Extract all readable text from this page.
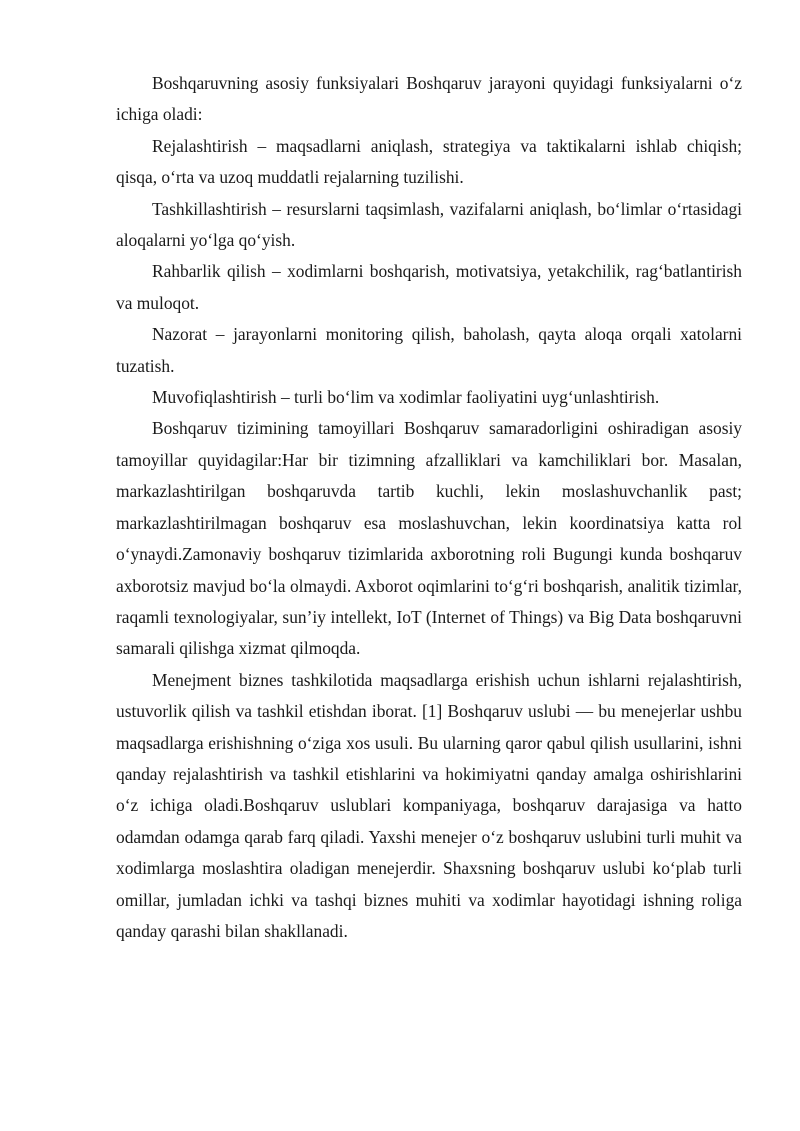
Boshqaruvning asosiy funksiyalari Boshqaruv jarayoni quyidagi funksiyalarni o‘z ichiga oladi:

Rejalashtirish – maqsadlarni aniqlash, strategiya va taktikalarni ishlab chiqish; qisqa, o‘rta va uzoq muddatli rejalarning tuzilishi.

Tashkillashtirish – resurslarni taqsimlash, vazifalarni aniqlash, bo‘limlar o‘rtasidagi aloqalarni yo‘lga qo‘yish.

Rahbarlik qilish – xodimlarni boshqarish, motivatsiya, yetakchilik, rag‘batlantirish va muloqot.

Nazorat – jarayonlarni monitoring qilish, baholash, qayta aloqa orqali xatolarni tuzatish.

Muvofiqlashtirish – turli bo‘lim va xodimlar faoliyatini uyg‘unlashtirish.

Boshqaruv tizimining tamoyillari Boshqaruv samaradorligini oshiradigan asosiy tamoyillar quyidagilar:Har bir tizimning afzalliklari va kamchiliklari bor. Masalan, markazlashtirilgan boshqaruvda tartib kuchli, lekin moslashuvchanlik past; markazlashtirilmagan boshqaruv esa moslashuvchan, lekin koordinatsiya katta rol o‘ynaydi.Zamonaviy boshqaruv tizimlarida axborotning roli Bugungi kunda boshqaruv axborotsiz mavjud bo‘la olmaydi. Axborot oqimlarini to‘g‘ri boshqarish, analitik tizimlar, raqamli texnologiyalar, sun’iy intellekt, IoT (Internet of Things) va Big Data boshqaruvni samarali qilishga xizmat qilmoqda.

Menejment biznes tashkilotida maqsadlarga erishish uchun ishlarni rejalashtirish, ustuvorlik qilish va tashkil etishdan iborat. [1] Boshqaruv uslubi — bu menejerlar ushbu maqsadlarga erishishning o‘ziga xos usuli. Bu ularning qaror qabul qilish usullarini, ishni qanday rejalashtirish va tashkil etishlarini va hokimiyatni qanday amalga oshirishlarini o‘z ichiga oladi.Boshqaruv uslublari kompaniyaga, boshqaruv darajasiga va hatto odamdan odamga qarab farq qiladi. Yaxshi menejer o‘z boshqaruv uslubini turli muhit va xodimlarga moslashtira oladigan menejerdir. Shaxsning boshqaruv uslubi ko‘plab turli omillar, jumladan ichki va tashqi biznes muhiti va xodimlar hayotidagi ishning roliga qanday qarashi bilan shakllanadi.
